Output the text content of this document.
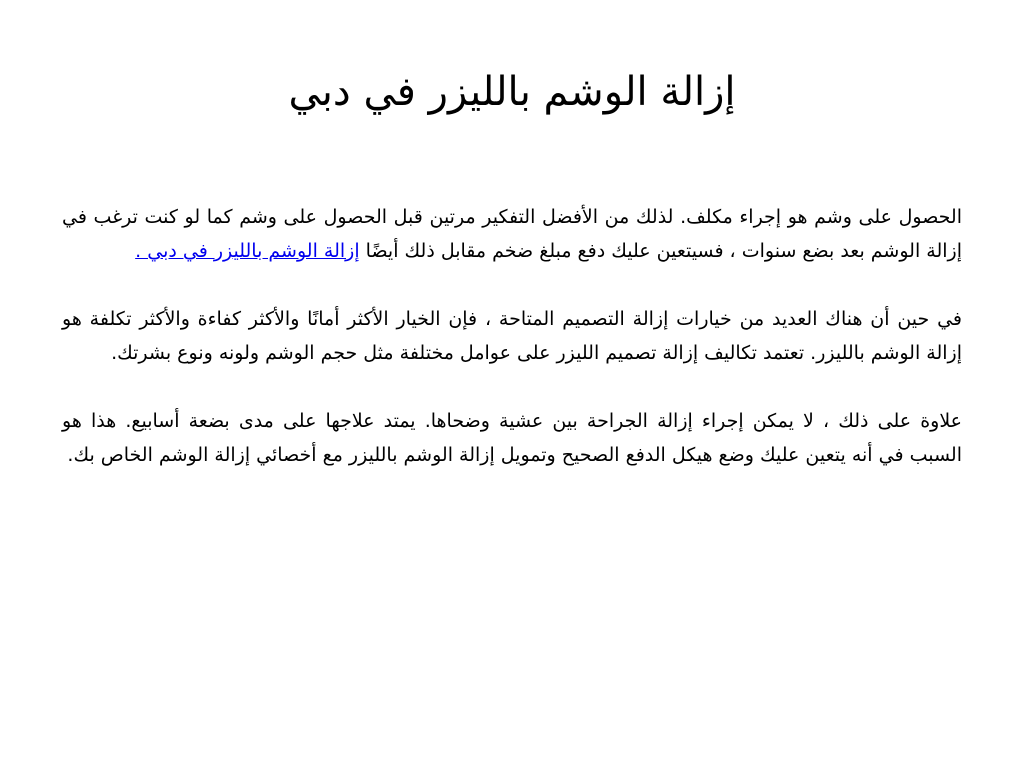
إزالة الوشم بالليزر في دبي

الحصول على وشم هو إجراء مكلف. لذلك من الأفضل التفكير مرتين قبل الحصول على وشم كما لو كنت ترغب في إزالة الوشم بعد بضع سنوات ، فسيتعين عليك دفع مبلغ ضخم مقابل ذلك أيضًا إزالة الوشم بالليزر في دبي .

في حين أن هناك العديد من خيارات إزالة التصميم المتاحة ، فإن الخيار الأكثر أمانًا والأكثر كفاءة والأكثر تكلفة هو إزالة الوشم بالليزر. تعتمد تكاليف إزالة تصميم الليزر على عوامل مختلفة مثل حجم الوشم ولونه ونوع بشرتك.

علاوة على ذلك ، لا يمكن إجراء إزالة الجراحة بين عشية وضحاها. يمتد علاجها على مدى بضعة أسابيع. هذا هو السبب في أنه يتعين عليك وضع هيكل الدفع الصحيح وتمويل إزالة الوشم بالليزر مع أخصائي إزالة الوشم الخاص بك.
